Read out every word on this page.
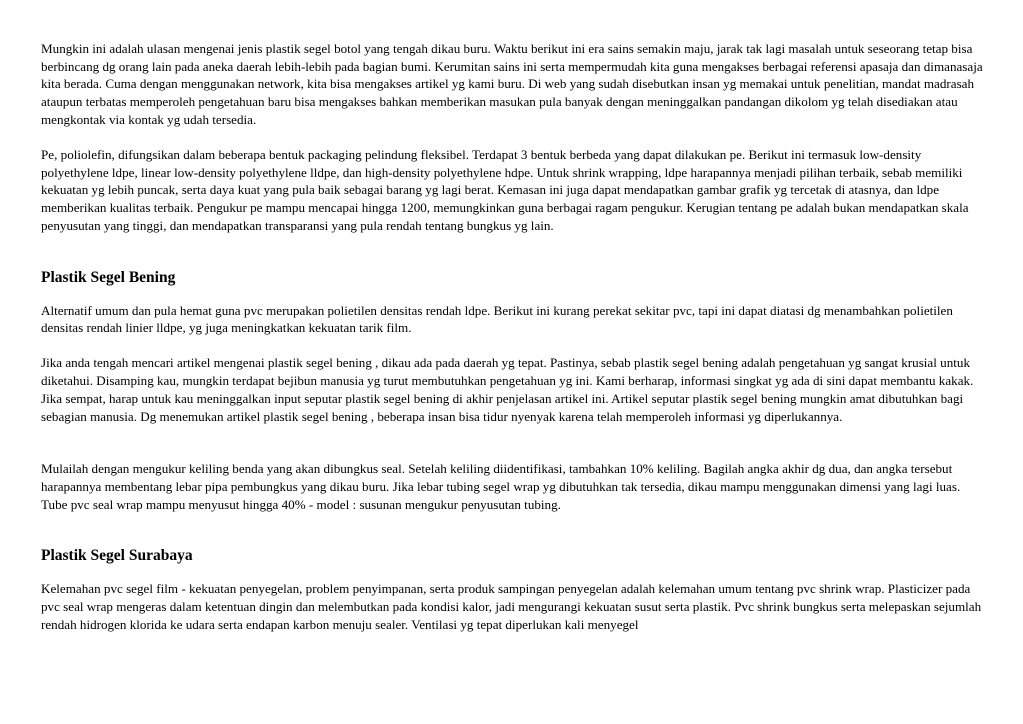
Mungkin ini adalah ulasan mengenai jenis plastik segel botol yang tengah dikau buru. Waktu berikut ini era sains semakin maju, jarak tak lagi masalah untuk seseorang tetap bisa berbincang dg orang lain pada aneka daerah lebih-lebih pada bagian bumi. Kerumitan sains ini serta mempermudah kita guna mengakses berbagai referensi apasaja dan dimanasaja kita berada. Cuma dengan menggunakan network, kita bisa mengakses artikel yg kami buru. Di web yang sudah disebutkan insan yg memakai untuk penelitian, mandat madrasah ataupun terbatas memperoleh pengetahuan baru bisa mengakses bahkan memberikan masukan pula banyak dengan meninggalkan pandangan dikolom yg telah disediakan atau mengkontak via kontak yg udah tersedia.

Pe, poliolefin, difungsikan dalam beberapa bentuk packaging pelindung fleksibel. Terdapat 3 bentuk berbeda yang dapat dilakukan pe. Berikut ini termasuk low-density polyethylene ldpe, linear low-density polyethylene lldpe, dan high-density polyethylene hdpe. Untuk shrink wrapping, ldpe harapannya menjadi pilihan terbaik, sebab memiliki kekuatan yg lebih puncak, serta daya kuat yang pula baik sebagai barang yg lagi berat. Kemasan ini juga dapat mendapatkan gambar grafik yg tercetak di atasnya, dan ldpe memberikan kualitas terbaik. Pengukur pe mampu mencapai hingga 1200, memungkinkan guna berbagai ragam pengukur. Kerugian tentang pe adalah bukan mendapatkan skala penyusutan yang tinggi, dan mendapatkan transparansi yang pula rendah tentang bungkus yg lain.

Plastik Segel Bening

Alternatif umum dan pula hemat guna pvc merupakan polietilen densitas rendah ldpe. Berikut ini kurang perekat sekitar pvc, tapi ini dapat diatasi dg menambahkan polietilen densitas rendah linier lldpe, yg juga meningkatkan kekuatan tarik film.

Jika anda tengah mencari artikel mengenai plastik segel bening , dikau ada pada daerah yg tepat. Pastinya, sebab plastik segel bening adalah pengetahuan yg sangat krusial untuk diketahui. Disamping kau, mungkin terdapat bejibun manusia yg turut membutuhkan pengetahuan yg ini. Kami berharap, informasi singkat yg ada di sini dapat membantu kakak. Jika sempat, harap untuk kau meninggalkan input seputar plastik segel bening di akhir penjelasan artikel ini. Artikel seputar plastik segel bening mungkin amat dibutuhkan bagi sebagian manusia. Dg menemukan artikel plastik segel bening , beberapa insan bisa tidur nyenyak karena telah memperoleh informasi yg diperlukannya.

Mulailah dengan mengukur keliling benda yang akan dibungkus seal. Setelah keliling diidentifikasi, tambahkan 10% keliling. Bagilah angka akhir dg dua, dan angka tersebut harapannya membentang lebar pipa pembungkus yang dikau buru. Jika lebar tubing segel wrap yg dibutuhkan tak tersedia, dikau mampu menggunakan dimensi yang lagi luas. Tube pvc seal wrap mampu menyusut hingga 40% - model : susunan mengukur penyusutan tubing.

Plastik Segel Surabaya

Kelemahan pvc segel film - kekuatan penyegelan, problem penyimpanan, serta produk sampingan penyegelan adalah kelemahan umum tentang pvc shrink wrap. Plasticizer pada pvc seal wrap mengeras dalam ketentuan dingin dan melembutkan pada kondisi kalor, jadi mengurangi kekuatan susut serta plastik. Pvc shrink bungkus serta melepaskan sejumlah rendah hidrogen klorida ke udara serta endapan karbon menuju sealer. Ventilasi yg tepat diperlukan kali menyegel
